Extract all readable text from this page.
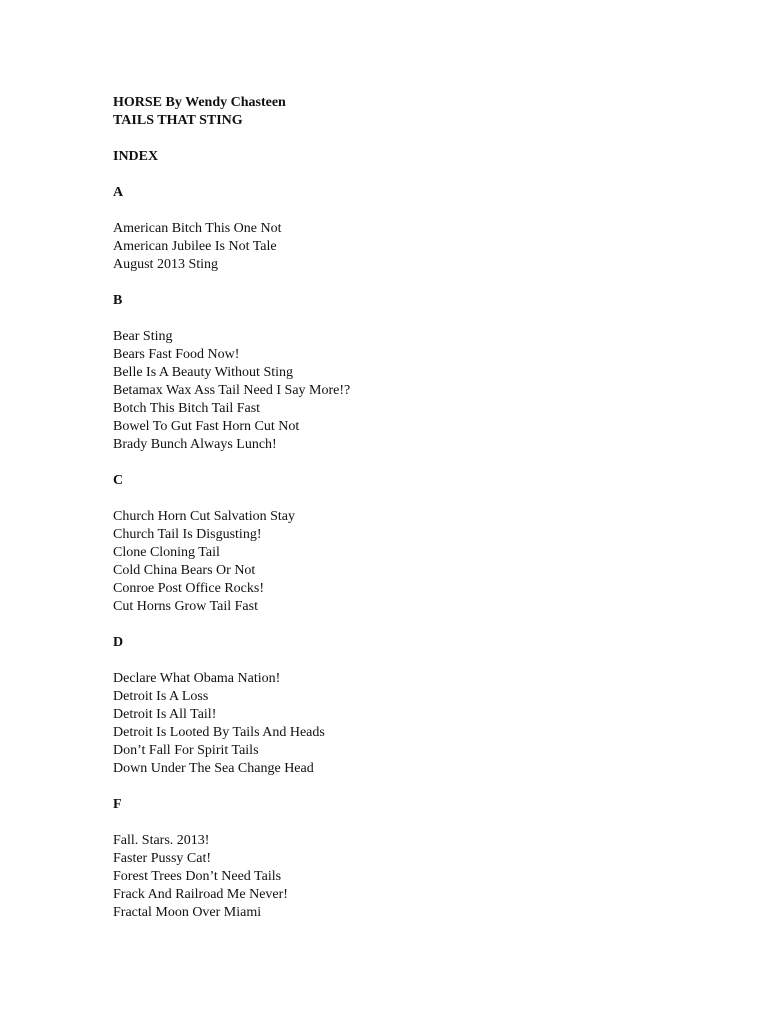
HORSE By Wendy Chasteen
TAILS THAT STING
INDEX
A
American Bitch This One Not
American Jubilee Is Not Tale
August 2013 Sting
B
Bear Sting
Bears Fast Food Now!
Belle Is A Beauty Without Sting
Betamax Wax Ass Tail Need I Say More!?
Botch This Bitch Tail Fast
Bowel To Gut Fast Horn Cut Not
Brady Bunch Always Lunch!
C
Church Horn Cut Salvation Stay
Church Tail Is Disgusting!
Clone Cloning Tail
Cold China Bears Or Not
Conroe Post Office Rocks!
Cut Horns Grow Tail Fast
D
Declare What Obama Nation!
Detroit Is A Loss
Detroit Is All Tail!
Detroit Is Looted By Tails And Heads
Don’t Fall For Spirit Tails
Down Under The Sea Change Head
F
Fall. Stars. 2013!
Faster Pussy Cat!
Forest Trees Don’t Need Tails
Frack And Railroad Me Never!
Fractal Moon Over Miami
